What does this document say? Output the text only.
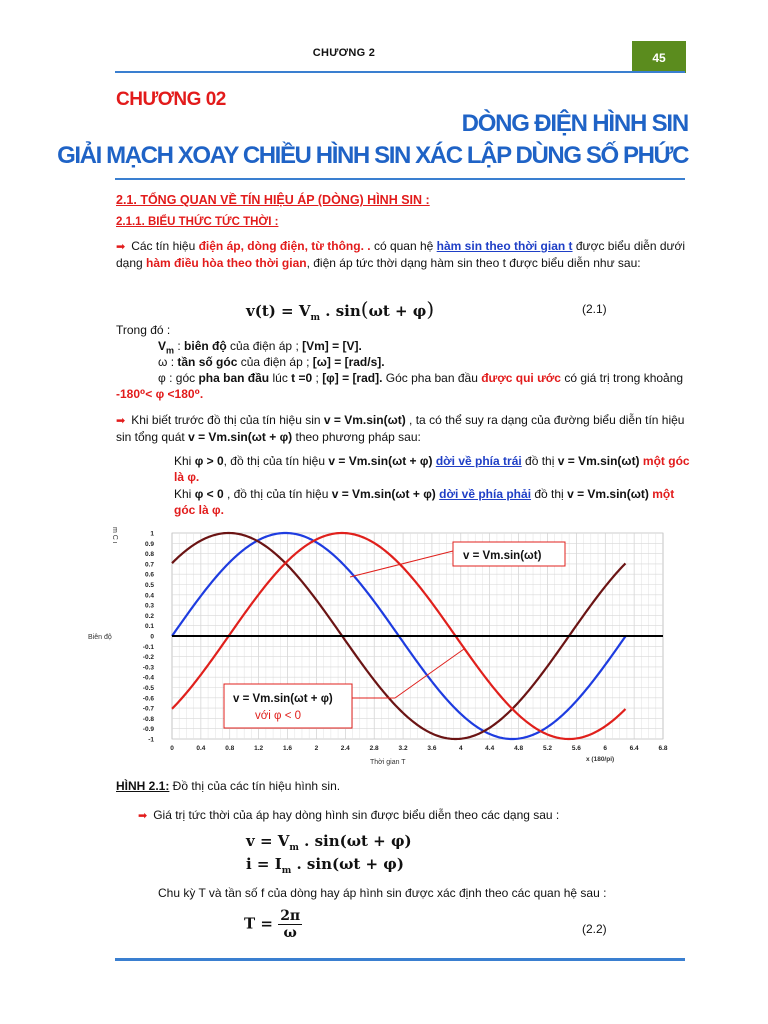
CHƯƠNG 2	45
CHƯƠNG 02
DÒNG ĐIỆN HÌNH SIN
GIẢI MẠCH XOAY CHIỀU HÌNH SIN XÁC LẬP DÙNG SỐ PHỨC
2.1. TỔNG QUAN VỀ TÍN HIỆU ÁP (DÒNG) HÌNH SIN :
2.1.1. BIỂU THỨC TỨC THỜI :
➡ Các tín hiệu điện áp, dòng điện, từ thông. . có quan hệ hàm sin theo thời gian t được biểu diễn dưới dạng hàm điều hòa theo thời gian, điện áp tức thời dạng hàm sin theo t được biểu diễn như sau:
$v(t) = V_m$ . sin(ωt + φ)	(2.1)
Trong đó :
$V_m$ : biên độ của điện áp ; [Vm] = [V].
ω : tần số góc của điện áp ; [ω] = [rad/s].
φ : góc pha ban đầu lúc t =0 ; [φ] = [rad]. Góc pha ban đầu được qui ước có giá trị trong khoảng -180⁰< φ <180⁰.
➡ Khi biết trước đồ thị của tín hiệu sin v = Vm.sin(ωt) , ta có thể suy ra dạng của đường biểu diễn tín hiệu sin tổng quát v = Vm.sin(ωt + φ) theo phương pháp sau:
Khi φ > 0, đồ thị của tín hiệu v = Vm.sin(ωt + φ) dời về phía trái đồ thị v = Vm.sin(ωt) một góc là φ.
Khi φ < 0 , đồ thị của tín hiệu v = Vm.sin(ωt + φ) dời về phía phải đồ thị v = Vm.sin(ωt) một góc là φ.
1
0.9
0.8
0.7
0.6
0.5
0.4
0.3
0.2
0.1
0
-0.1
-0.2
-0.3
-0.4
-0.5
-0.6
-0.7
-0.8
-0.9
-1
0	0.4	0.8	1.2	1.6	2	2.4	2.8	3.2	3.6	4	4.4	4.8	5.2	5.6	6	6.4	6.8
Biên độ
m C ι
Thời gian T	x (180/pi)
v = Vm.sin(ωt)
v = Vm.sin(ωt + φ)
với φ < 0
HÌNH 2.1: Đồ thị của các tín hiệu hình sin.
➡ Giá trị tức thời của áp hay dòng hình sin được biểu diễn theo các dạng sau :
$v = V_m$ . sin(ωt + φ)
$i = I_m$ . sin(ωt + φ)
Chu kỳ T và tần số f của dòng hay áp hình sin được xác định theo các quan hệ sau :
$T = \frac{2\pi}{\omega}$	(2.2)
